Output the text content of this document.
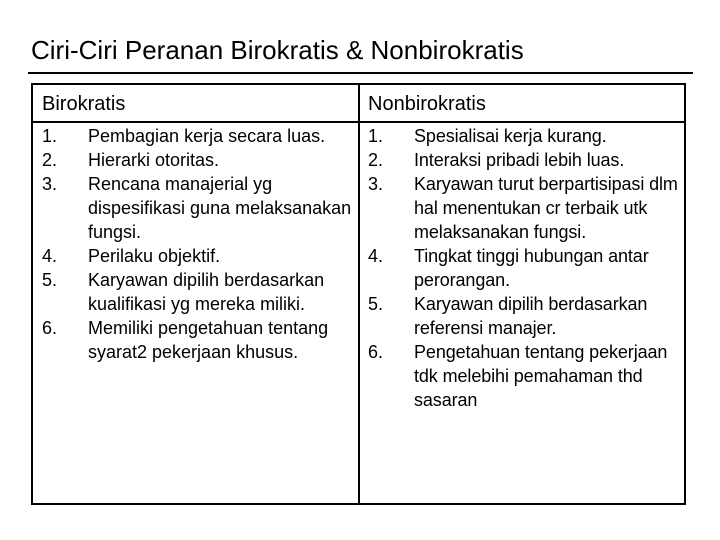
Ciri-Ciri Peranan Birokratis & Nonbirokratis
Birokratis	Nonbirokratis
1.	Pembagian kerja secara luas.
2.	Hierarki otoritas.
3.	Rencana manajerial yg dispesifikasi guna melaksanakan fungsi.
4.	Perilaku objektif.
5.	Karyawan dipilih berdasarkan kualifikasi yg mereka miliki.
6.	Memiliki pengetahuan tentang syarat2 pekerjaan khusus.
1.	Spesialisai kerja kurang.
2.	Interaksi pribadi lebih luas.
3.	Karyawan turut berpartisipasi dlm hal menentukan cr terbaik utk melaksanakan fungsi.
4.	Tingkat tinggi hubungan antar perorangan.
5.	Karyawan dipilih berdasarkan referensi manajer.
6.	Pengetahuan tentang pekerjaan tdk melebihi pemahaman thd sasaran
